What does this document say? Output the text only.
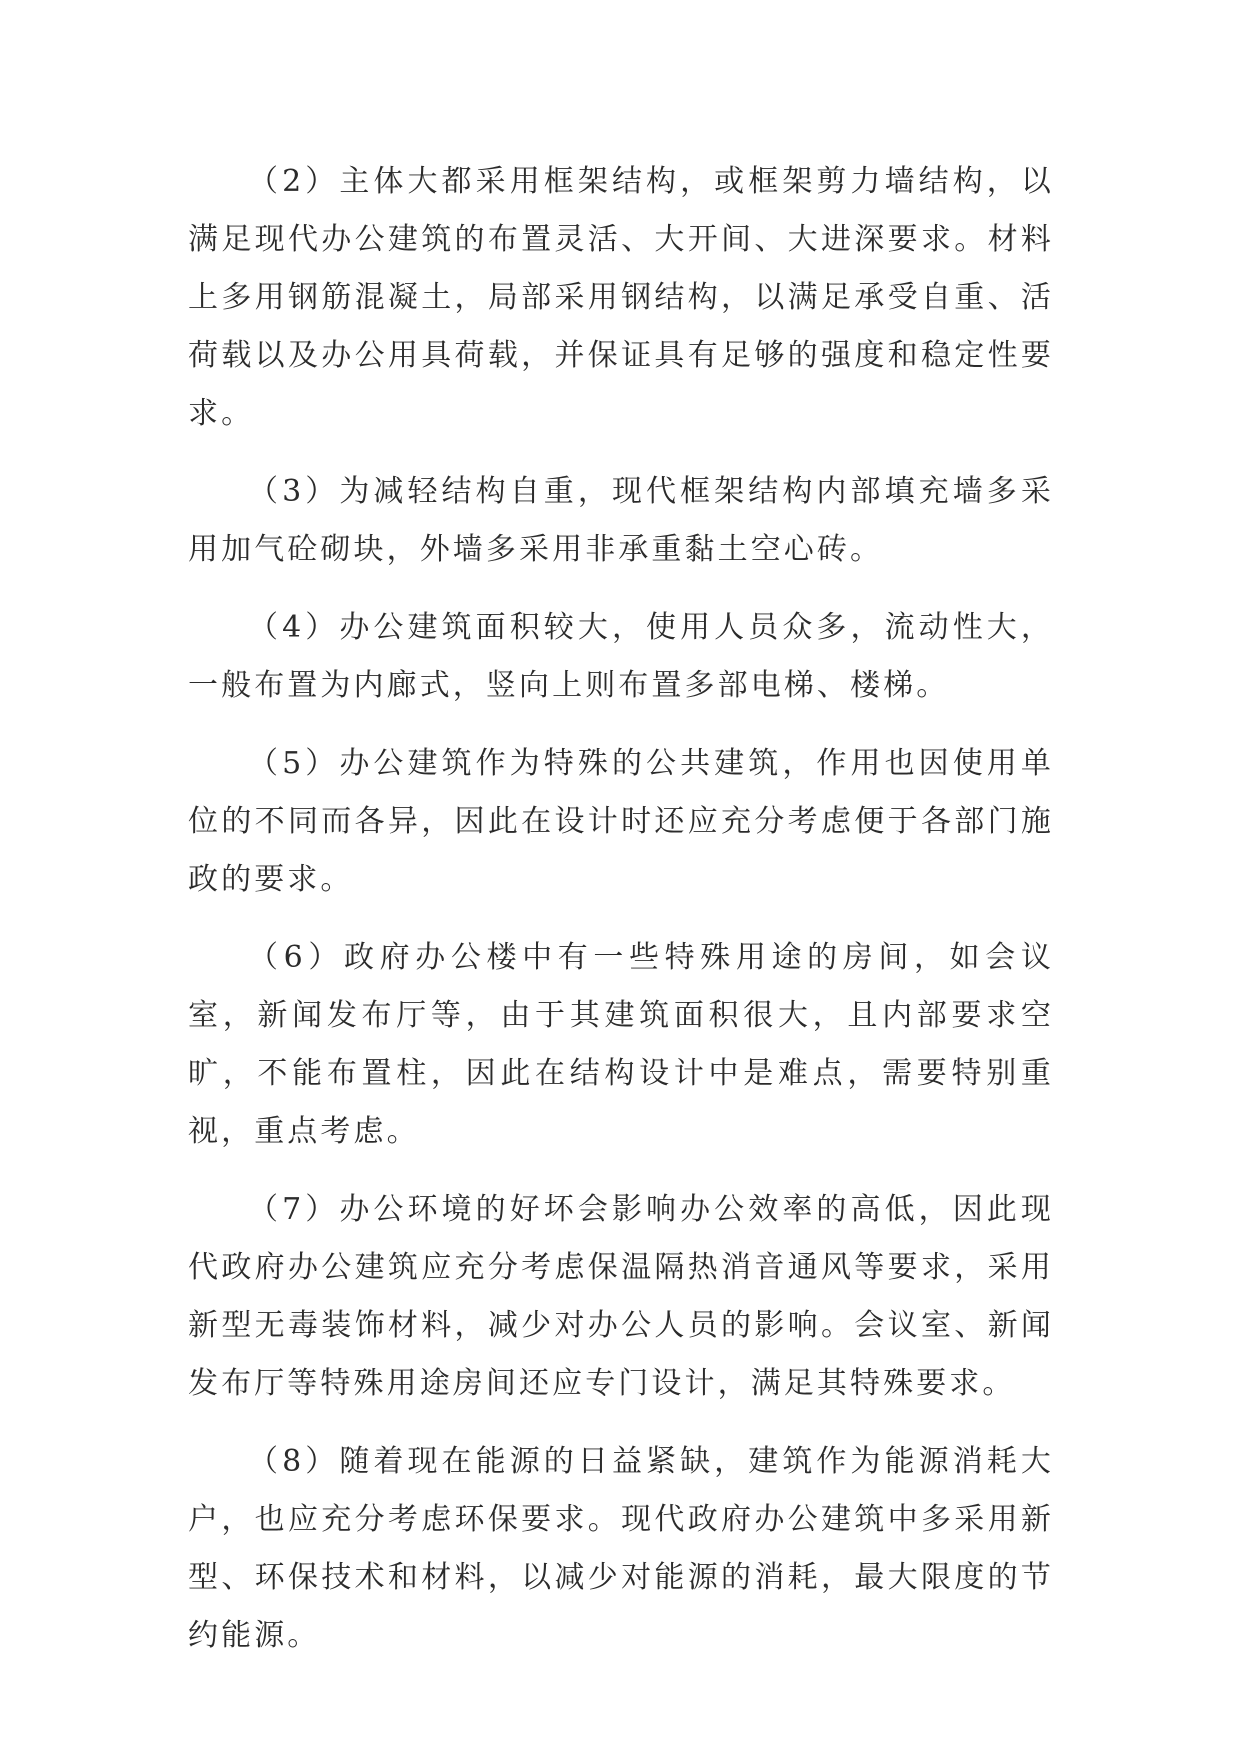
（2）主体大都采用框架结构，或框架剪力墙结构，以满足现代办公建筑的布置灵活、大开间、大进深要求。材料上多用钢筋混凝土，局部采用钢结构，以满足承受自重、活荷载以及办公用具荷载，并保证具有足够的强度和稳定性要求。

（3）为减轻结构自重，现代框架结构内部填充墙多采用加气砼砌块，外墙多采用非承重黏土空心砖。

（4）办公建筑面积较大，使用人员众多，流动性大，一般布置为内廊式，竖向上则布置多部电梯、楼梯。

（5）办公建筑作为特殊的公共建筑，作用也因使用单位的不同而各异，因此在设计时还应充分考虑便于各部门施政的要求。

（6）政府办公楼中有一些特殊用途的房间，如会议室，新闻发布厅等，由于其建筑面积很大，且内部要求空旷，不能布置柱，因此在结构设计中是难点，需要特别重视，重点考虑。

（7）办公环境的好坏会影响办公效率的高低，因此现代政府办公建筑应充分考虑保温隔热消音通风等要求，采用新型无毒装饰材料，减少对办公人员的影响。会议室、新闻发布厅等特殊用途房间还应专门设计，满足其特殊要求。

（8）随着现在能源的日益紧缺，建筑作为能源消耗大户，也应充分考虑环保要求。现代政府办公建筑中多采用新型、环保技术和材料，以减少对能源的消耗，最大限度的节约能源。
